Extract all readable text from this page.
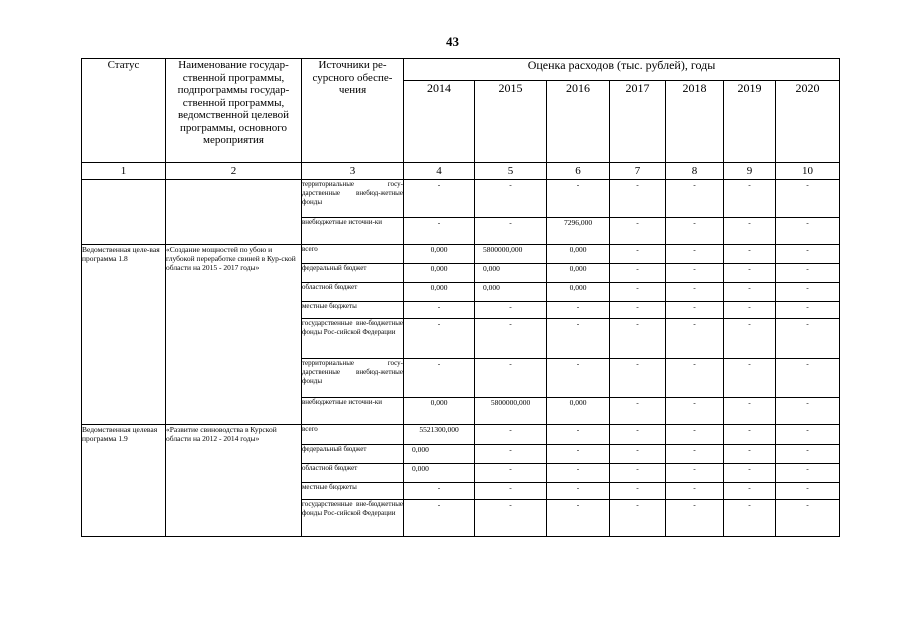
43
Статус	Наименование государ-ственной программы, подпрограммы государ-ственной программы, ведомственной целевой программы, основного мероприятия	Источники ре-сурсного обеспе-чения	Оценка расходов (тыс. рублей), годы						
			2014	2015	2016	2017	2018	2019	2020
1	2	3	4	5	6	7	8	9	10
		территориальные госу-дарственные внебюд-жетные фонды	-	-	-	-	-	-	-
		внебюджетные источни-ки	-	-	7296,000	-	-	-	-
Ведомственная целе-вая программа 1.8	«Создание мощностей по убою и глубокой переработке свиней в Кур-ской области на 2015 - 2017 годы»	всего	0,000	5800000,000	0,000	-	-	-	-
		федеральный бюджет	0,000	0,000	0,000	-	-	-	-
		областной бюджет	0,000	0,000	0,000	-	-	-	-
		местные бюджеты	-	-	-	-	-	-	-
		государственные вне-бюджетные фонды Рос-сийской Федерации	-	-	-	-	-	-	-
		территориальные госу-дарственные внебюд-жетные фонды	-	-	-	-	-	-	-
		внебюджетные источни-ки	0,000	5800000,000	0,000	-	-	-	-
Ведомственная целевая программа 1.9	«Развитие свиноводства в Курской области на 2012 - 2014 годы»	всего	5521300,000	-	-	-	-	-	-
		федеральный бюджет	0,000	-	-	-	-	-	-
		областной бюджет	0,000	-	-	-	-	-	-
		местные бюджеты	-	-	-	-	-	-	-
		государственные вне-бюджетные фонды Рос-сийской Федерации	-	-	-	-	-	-	-
